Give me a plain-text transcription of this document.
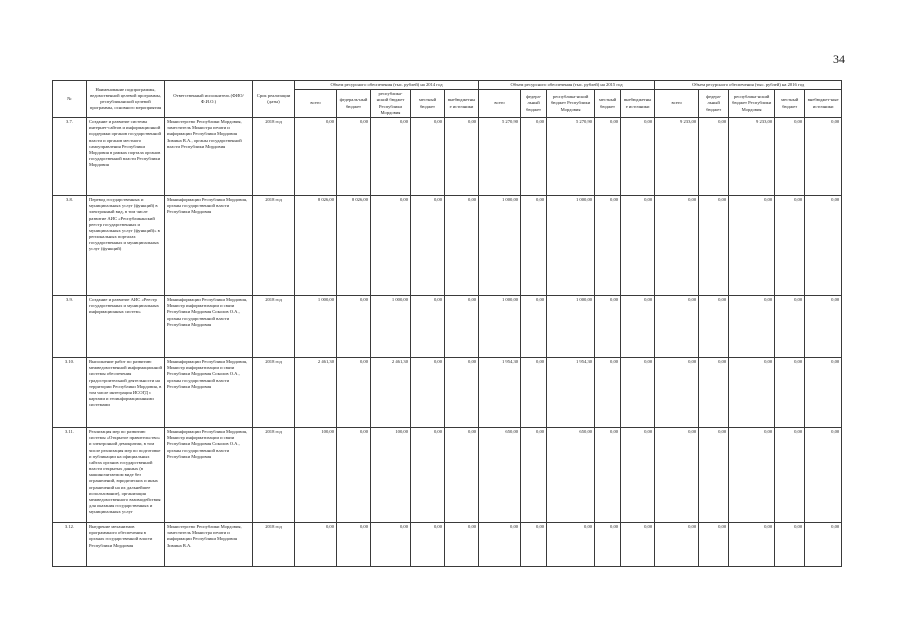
34
№	Наименование подпрограммы, ведомственной целевой программы, республиканской целевой программы, основного мероприятия	Ответственный исполнитель (ФИО/Ф.И.О.)	Срок реализации (даты)	Объем ресурсного обеспечения (тыс. рублей) на 2014 год					Объем ресурсного обеспечения (тыс. рублей) на 2015 год					Объем ресурсного обеспечения (тыс. рублей) на 2016 год				
				всего	федераль-ный бюджет	республика-нский бюджет Республики Мордовия	местный бюджет	внебюджетные источники	всего	федера-льный бюджет	республика-нский бюджет Республики Мордовия	местный бюджет	внебюджетные источники	всего	федера-льный бюджет	республика-нский бюджет Республики Мордовия	местный бюджет	внебюджет-ные источники
3.7.	Создание и развитие системы интернет-сайтов и информационной поддержки органов государственной власти и органов местного самоуправления Республики Мордовия в рамках портала органов государственной власти Республики Мордовия	Министерство Республики Мордовия, заместитель Министра печати и информации Республики Мордовия Зимина В.А., органы государственной власти Республики Мордовия	2018 год	0,00	0,00	0,00	0,00	0,00	5 270,90	0,00	5 270,90	0,00	0,00	9 233,00	0,00	9 233,00	0,00	0,00
3.8.	Перевод государственных и муниципальных услуг (функций) в электронный вид, в том числе развитие АИС «Республиканский реестр государственных и муниципальных услуг (функций)» в региональных порталах государственных и муниципальных услуг (функций)	Мининформации Республики Мордовия, органы государственной власти Республики Мордовия	2018 год	8 026,00	8 026,00	0,00	0,00	0,00	1 000,00	0,00	1 000,00	0,00	0,00	0,00	0,00	0,00	0,00	0,00
3.9.	Создание и развитие АИС «Реестр государственных и муниципальных информационных систем»	Мининформации Республики Мордовия, Министр информатизации и связи Республики Мордовия Соколов О.А., органы государственной власти Республики Мордовия	2018 год	1 000,00	0,00	1 000,00	0,00	0,00	1 000,00	0,00	1 000,00	0,00	0,00	0,00	0,00	0,00	0,00	0,00
3.10.	Выполнение работ по развитию межведомственной информационной системы обеспечения градостроительной деятельности на территории Республики Мордовия, в том числе интеграция ИСОГД с картами и геоинформационными системами	Мининформации Республики Мордовия, Министр информатизации и связи Республики Мордовия Соколов О.А., органы государственной власти Республики Мордовия	2018 год	2 461,30	0,00	2 461,30	0,00	0,00	1 954,30	0,00	1 954,30	0,00	0,00	0,00	0,00	0,00	0,00	0,00
3.11.	Реализация мер по развитию системы «Открытое правительство» и электронной демократии, в том числе реализация мер по подготовке и публикации на официальных сайтах органов государственной власти открытых данных (в машиночитаемом виде без ограничений, юридических и иных ограничений на их дальнейшее использование), организация межведомственного взаимодействия для оказания государственных и муниципальных услуг	Мининформации Республики Мордовия, Министр информатизации и связи Республики Мордовия Соколов О.А., органы государственной власти Республики Мордовия	2018 год	100,00	0,00	100,00	0,00	0,00	650,00	0,00	650,00	0,00	0,00	0,00	0,00	0,00	0,00	0,00
3.12.	Внедрение механизмов программного обеспечения в органах государственной власти Республики Мордовия	Министерство Республики Мордовия, заместитель Министра печати и информации Республики Мордовия Зимина В.А.	2018 год	0,00	0,00	0,00	0,00	0,00	0,00	0,00	0,00	0,00	0,00	0,00	0,00	0,00	0,00	0,00
